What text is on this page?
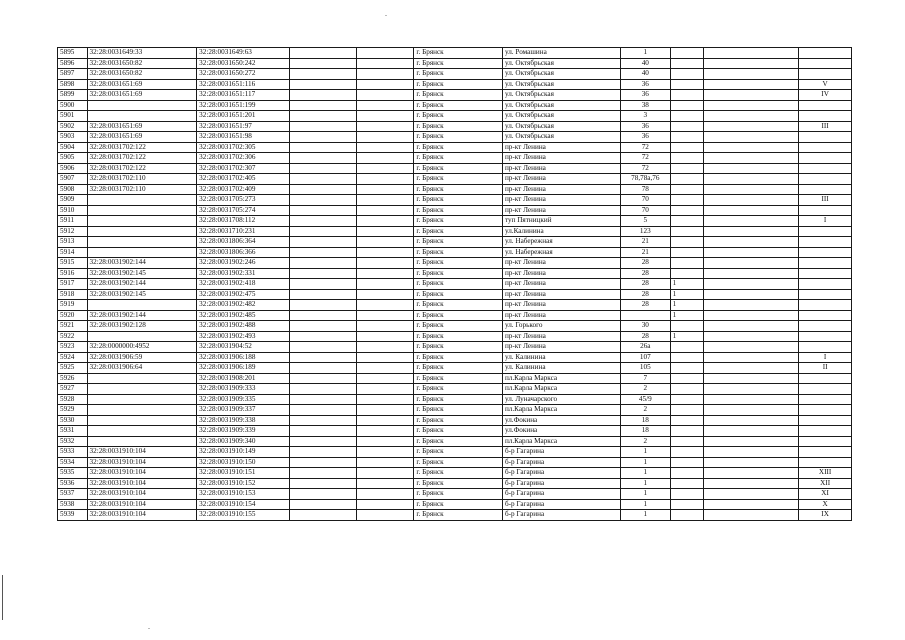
5895	32:28:0031649:33	32:28:0031649:63			г. Брянск	ул. Ромашина	1			
5896	32:28:0031650:82	32:28:0031650:242			г. Брянск	ул. Октябрьская	40			
5897	32:28:0031650:82	32:28:0031650:272			г. Брянск	ул. Октябрьская	40			
5898	32:28:0031651:69	32:28:0031651:116			г. Брянск	ул. Октябрьская	36			V
5899	32:28:0031651:69	32:28:0031651:117			г. Брянск	ул. Октябрьская	36			IV
5900		32:28:0031651:199			г. Брянск	ул. Октябрьская	38			
5901		32:28:0031651:201			г. Брянск	ул. Октябрьская	3			
5902	32:28:0031651:69	32:28:0031651:97			г. Брянск	ул. Октябрьская	36			III
5903	32:28:0031651:69	32:28:0031651:98			г. Брянск	ул. Октябрьская	36			
5904	32:28:0031702:122	32:28:0031702:305			г. Брянск	пр-кт Ленина	72			
5905	32:28:0031702:122	32:28:0031702:306			г. Брянск	пр-кт Ленина	72			
5906	32:28:0031702:122	32:28:0031702:307			г. Брянск	пр-кт Ленина	72			
5907	32:28:0031702:110	32:28:0031702:405			г. Брянск	пр-кт Ленина	78,78а,76			
5908	32:28:0031702:110	32:28:0031702:409			г. Брянск	пр-кт Ленина	78			
5909		32:28:0031705:273			г. Брянск	пр-кт Ленина	70			III
5910		32:28:0031705:274			г. Брянск	пр-кт Ленина	70			
5911		32:28:0031708:112			г. Брянск	туп Пятницкий	5			I
5912		32:28:0031710:231			г. Брянск	ул.Калинина	123			
5913		32:28:0031806:364			г. Брянск	ул. Набережная	21			
5914		32:28:0031806:366			г. Брянск	ул. Набережная	21			
5915	32:28:0031902:144	32:28:0031902:246			г. Брянск	пр-кт Ленина	28			
5916	32:28:0031902:145	32:28:0031902:331			г. Брянск	пр-кт Ленина	28			
5917	32:28:0031902:144	32:28:0031902:418			г. Брянск	пр-кт Ленина	28	1		
5918	32:28:0031902:145	32:28:0031902:475			г. Брянск	пр-кт Ленина	28	1		
5919		32:28:0031902:482			г. Брянск	пр-кт Ленина	28	1		
5920	32:28:0031902:144	32:28:0031902:485			г. Брянск	пр-кт Ленина		1		
5921	32:28:0031902:128	32:28:0031902:488			г. Брянск	ул. Горького	30			
5922		32:28:0031902:493			г. Брянск	пр-кт Ленина	28	1		
5923	32:28:0000000:4952	32:28:0031904:52			г. Брянск	пр-кт Ленина	26а			
5924	32:28:0031906:59	32:28:0031906:188			г. Брянск	ул. Калинина	107			I
5925	32:28:0031906:64	32:28:0031906:189			г. Брянск	ул. Калинина	105			II
5926		32:28:0031908:201			г. Брянск	пл.Карла Маркса	7			
5927		32:28:0031909:333			г. Брянск	пл.Карла Маркса	2			
5928		32:28:0031909:335			г. Брянск	ул. Луначарского	45/9			
5929		32:28:0031909:337			г. Брянск	пл.Карла Маркса	2			
5930		32:28:0031909:338			г. Брянск	ул.Фокина	18			
5931		32:28:0031909:339			г. Брянск	ул.Фокина	18			
5932		32:28:0031909:340			г. Брянск	пл.Карла Маркса	2			
5933	32:28:0031910:104	32:28:0031910:149			г. Брянск	б-р Гагарина	1			
5934	32:28:0031910:104	32:28:0031910:150			г. Брянск	б-р Гагарина	1			
5935	32:28:0031910:104	32:28:0031910:151			г. Брянск	б-р Гагарина	1			XIII
5936	32:28:0031910:104	32:28:0031910:152			г. Брянск	б-р Гагарина	1			XII
5937	32:28:0031910:104	32:28:0031910:153			г. Брянск	б-р Гагарина	1			XI
5938	32:28:0031910:104	32:28:0031910:154			г. Брянск	б-р Гагарина	1			X
5939	32:28:0031910:104	32:28:0031910:155			г. Брянск	б-р Гагарина	1			IX
